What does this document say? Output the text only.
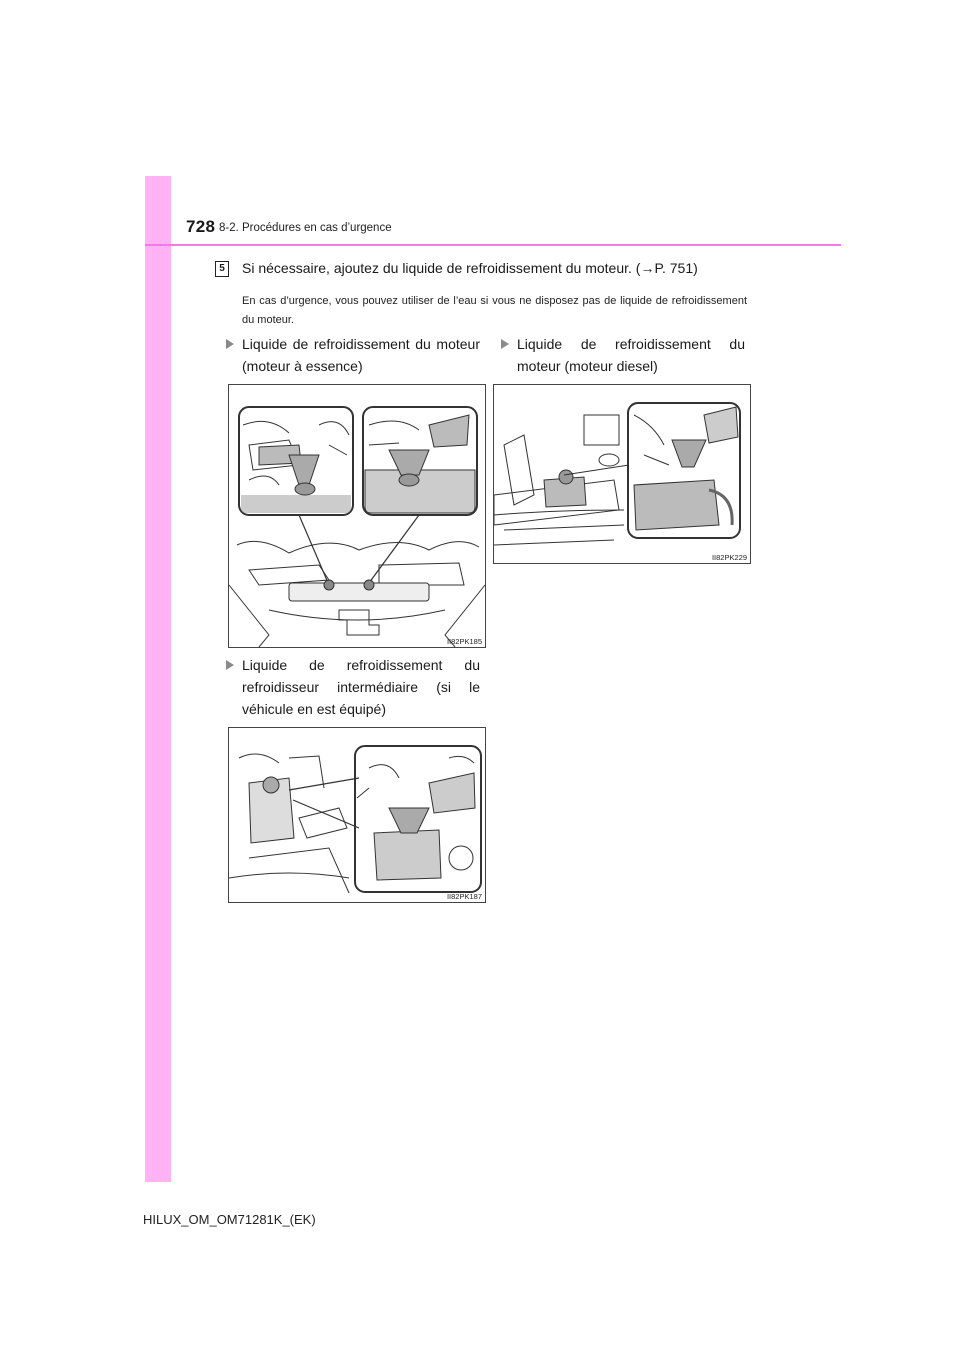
728 8-2. Procédures en cas d’urgence
5	Si nécessaire, ajoutez du liquide de refroidissement du moteur. (→P. 751)
En cas d’urgence, vous pouvez utiliser de l’eau si vous ne disposez pas de liquide de refroidissement du moteur.
Liquide de refroidissement du moteur (moteur à essence)
II82PK185
Liquide de refroidissement du moteur (moteur diesel)
II82PK229
Liquide de refroidissement du refroidisseur intermédiaire (si le véhicule en est équipé)
II82PK187
HILUX_OM_OM71281K_(EK)
